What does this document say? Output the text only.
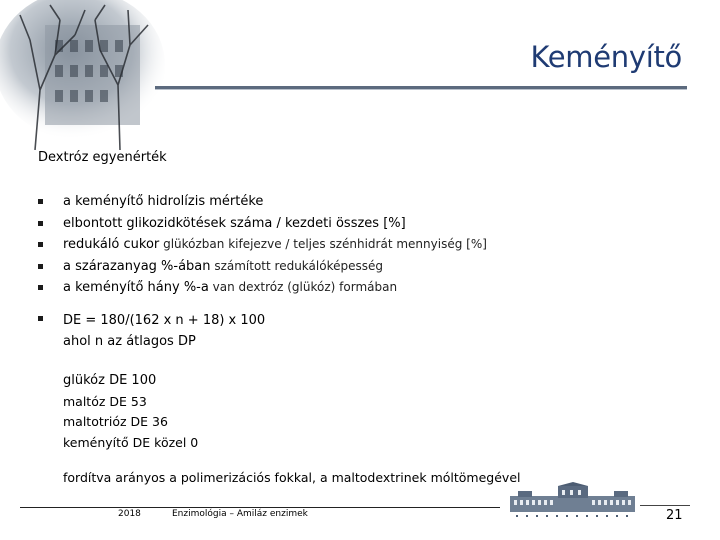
Keményítő
Dextróz egyenérték
a keményítő hidrolízis mértéke
elbontott glikozidkötések száma / kezdeti összes [%]
redukáló cukor glükózban kifejezve / teljes szénhidrát mennyiség [%]
a szárazanyag %-ában számított redukálóképesség
a keményítő hány %-a van dextróz (glükóz) formában
DE = 180/(162 x n + 18) x 100
ahol n az átlagos DP
glükóz DE 100
maltóz DE 53
maltotrióz DE 36
keményítő DE közel 0
fordítva arányos a polimerizációs fokkal, a maltodextrinek móltömegével
2018	Enzimológia – Amiláz enzimek	21
